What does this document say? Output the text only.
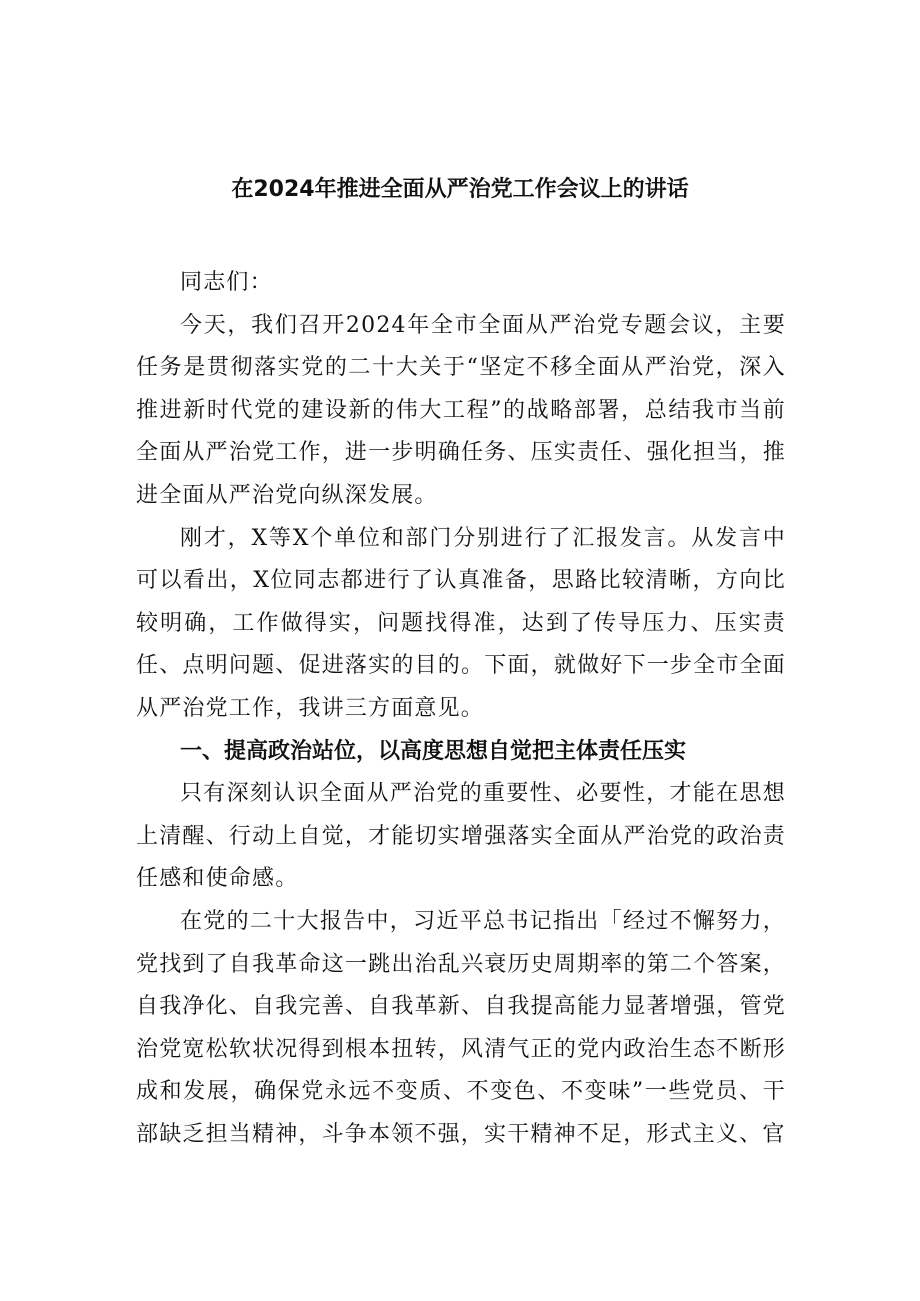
在2024年推进全面从严治党工作会议上的讲话

同志们：

今天，我们召开2024年全市全面从严治党专题会议，主要任务是贯彻落实党的二十大关于“坚定不移全面从严治党，深入推进新时代党的建设新的伟大工程”的战略部署，总结我市当前全面从严治党工作，进一步明确任务、压实责任、强化担当，推进全面从严治党向纵深发展。

刚才，X等X个单位和部门分别进行了汇报发言。从发言中可以看出，X位同志都进行了认真准备，思路比较清晰，方向比较明确，工作做得实，问题找得准，达到了传导压力、压实责任、点明问题、促进落实的目的。下面，就做好下一步全市全面从严治党工作，我讲三方面意见。

一、提高政治站位，以高度思想自觉把主体责任压实

只有深刻认识全面从严治党的重要性、必要性，才能在思想上清醒、行动上自觉，才能切实增强落实全面从严治党的政治责任感和使命感。

在党的二十大报告中，习近平总书记指出「经过不懈努力，党找到了自我革命这一跳出治乱兴衰历史周期率的第二个答案，自我净化、自我完善、自我革新、自我提高能力显著增强，管党治党宽松软状况得到根本扭转，风清气正的党内政治生态不断形成和发展，确保党永远不变质、不变色、不变味”一些党员、干部缺乏担当精神，斗争本领不强，实干精神不足，形式主义、官
